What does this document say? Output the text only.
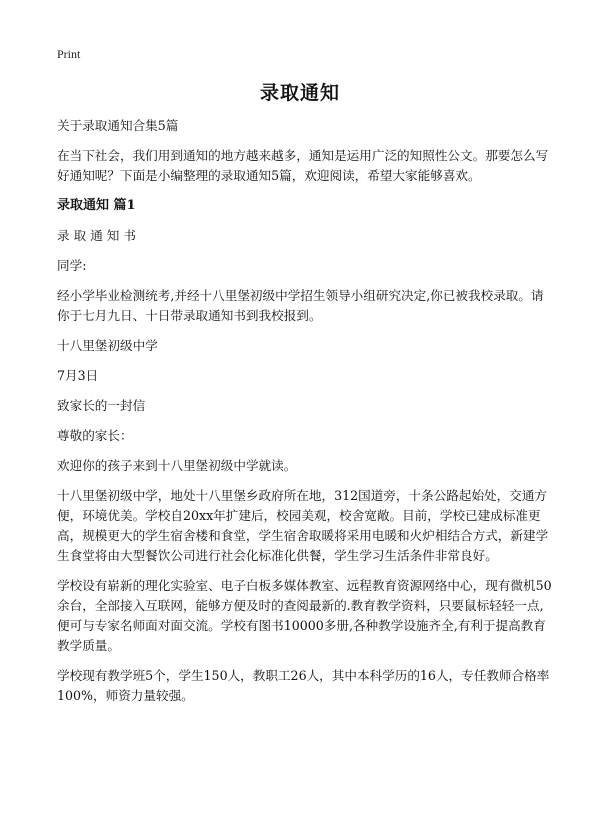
Print
录取通知

关于录取通知合集5篇

在当下社会，我们用到通知的地方越来越多，通知是运用广泛的知照性公文。那要怎么写好通知呢？下面是小编整理的录取通知5篇，欢迎阅读，希望大家能够喜欢。

录取通知 篇1

录取通知书

同学:

经小学毕业检测统考,并经十八里堡初级中学招生领导小组研究决定,你已被我校录取。请你于七月九日、十日带录取通知书到我校报到。

十八里堡初级中学

7月3日

致家长的一封信

尊敬的家长：

欢迎你的孩子来到十八里堡初级中学就读。

十八里堡初级中学，地处十八里堡乡政府所在地，312国道旁，十条公路起始处，交通方便，环境优美。学校自20xx年扩建后，校园美观，校舍宽敞。目前，学校已建成标准更高，规模更大的学生宿舍楼和食堂，学生宿舍取暖将采用电暖和火炉相结合方式，新建学生食堂将由大型餐饮公司进行社会化标准化供餐，学生学习生活条件非常良好。

学校设有崭新的理化实验室、电子白板多媒体教室、远程教育资源网络中心，现有微机50余台，全部接入互联网，能够方便及时的查阅最新的.教育教学资料，只要鼠标轻轻一点,便可与专家名师面对面交流。学校有图书10000多册,各种教学设施齐全,有利于提高教育教学质量。

学校现有教学班5个，学生150人，教职工26人，其中本科学历的16人，专任教师合格率100%，师资力量较强。
